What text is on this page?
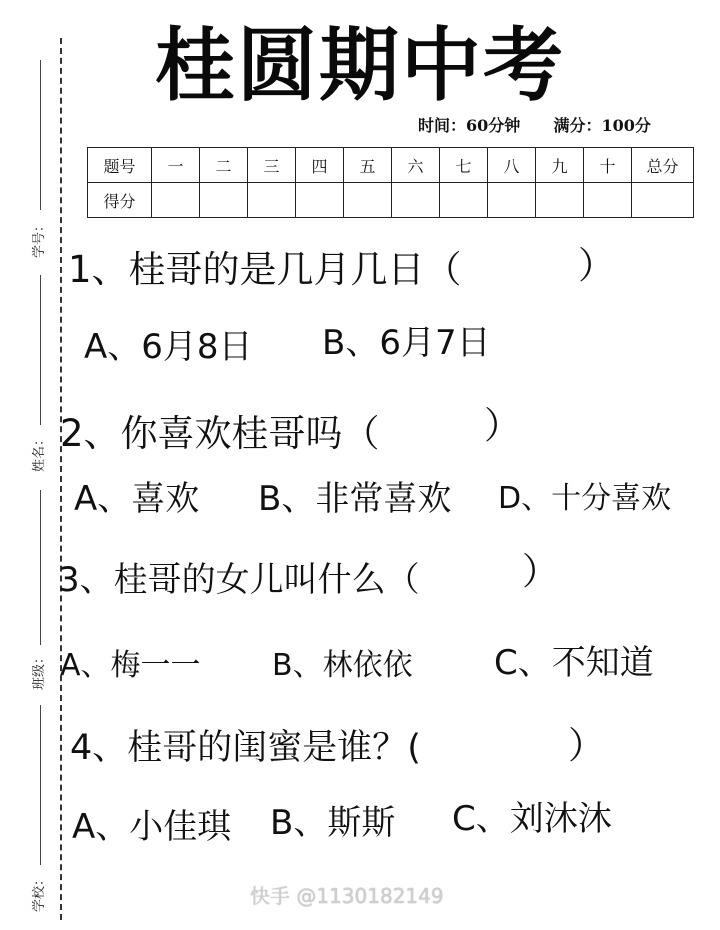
学号：
姓名：
班级：
学校：
桂圆期中考
时间：60分钟 满分：100分
题号	一	二	三	四	五	六	七	八	九	十	总分
得分											
1、桂哥的是几月几日（	）
A、6月8日 B、6月7日
2、你喜欢桂哥吗（	）
A、喜欢 B、非常喜欢 D、十分喜欢
3、桂哥的女儿叫什么（	）
A、梅一一 B、林依依 C、不知道
4、桂哥的闺蜜是谁？(	）
A、小佳琪 B、斯斯 C、刘沐沐
快手 @1130182149
